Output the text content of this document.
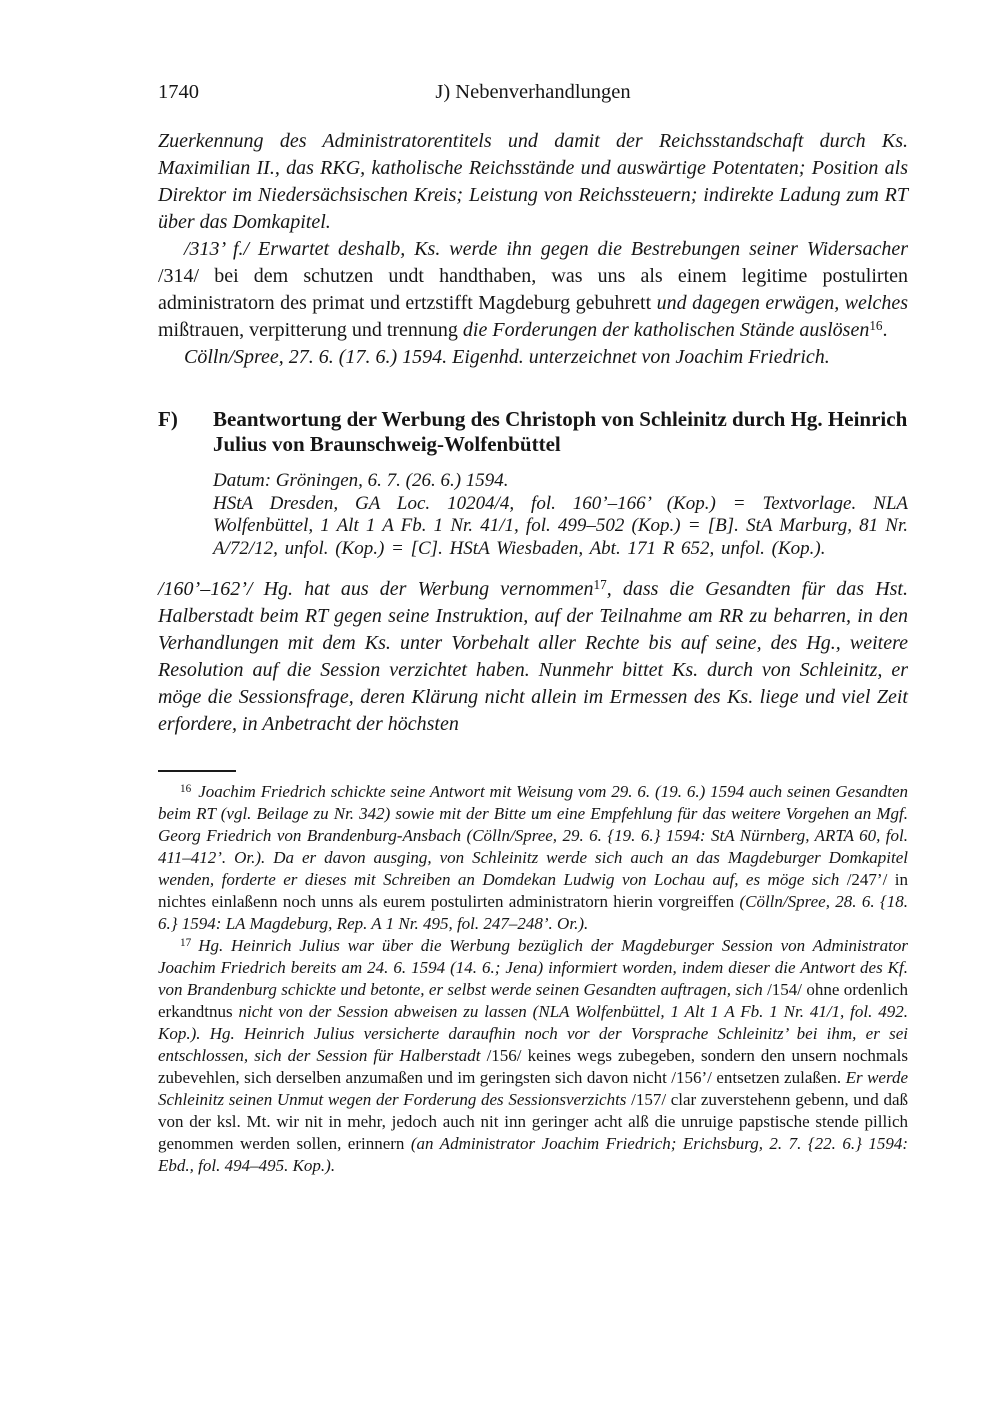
1740	J) Nebenverhandlungen

Zuerkennung des Administratorentitels und damit der Reichsstandschaft durch Ks. Maximilian II., das RKG, katholische Reichsstände und auswärtige Potentaten; Position als Direktor im Niedersächsischen Kreis; Leistung von Reichssteuern; indirekte Ladung zum RT über das Domkapitel.

/313’ f./ Erwartet deshalb, Ks. werde ihn gegen die Bestrebungen seiner Widersacher /314/ bei dem schutzen undt handthaben, was uns als einem legitime postulirten administratorn des primat und ertzstifft Magdeburg gebuhrett und dagegen erwägen, welches mißtrauen, verpitterung und trennung die Forderungen der katholischen Stände auslösen$^{16}$.

Cölln/Spree, 27. 6. (17. 6.) 1594. Eigenhd. unterzeichnet von Joachim Friedrich.

F)	Beantwortung der Werbung des Christoph von Schleinitz durch Hg. Heinrich Julius von Braunschweig-Wolfenbüttel

Datum: Gröningen, 6. 7. (26. 6.) 1594.

HStA Dresden, GA Loc. 10204/4, fol. 160’–166’ (Kop.) = Textvorlage. NLA Wolfenbüttel, 1 Alt 1 A Fb. 1 Nr. 41/1, fol. 499–502 (Kop.) = [B]. StA Marburg, 81 Nr. A/72/12, unfol. (Kop.) = [C]. HStA Wiesbaden, Abt. 171 R 652, unfol. (Kop.).

/160’–162’/ Hg. hat aus der Werbung vernommen$^{17}$, dass die Gesandten für das Hst. Halberstadt beim RT gegen seine Instruktion, auf der Teilnahme am RR zu beharren, in den Verhandlungen mit dem Ks. unter Vorbehalt aller Rechte bis auf seine, des Hg., weitere Resolution auf die Session verzichtet haben. Nunmehr bittet Ks. durch von Schleinitz, er möge die Sessionsfrage, deren Klärung nicht allein im Ermessen des Ks. liege und viel Zeit erfordere, in Anbetracht der höchsten

$^{16}$ Joachim Friedrich schickte seine Antwort mit Weisung vom 29. 6. (19. 6.) 1594 auch seinen Gesandten beim RT (vgl. Beilage zu Nr. 342) sowie mit der Bitte um eine Empfehlung für das weitere Vorgehen an Mgf. Georg Friedrich von Brandenburg-Ansbach (Cölln/Spree, 29. 6. {19. 6.} 1594: StA Nürnberg, ARTA 60, fol. 411–412’. Or.). Da er davon ausging, von Schleinitz werde sich auch an das Magdeburger Domkapitel wenden, forderte er dieses mit Schreiben an Domdekan Ludwig von Lochau auf, es möge sich /247’/ in nichtes einlaßenn noch unns als eurem postulirten administratorn hierin vorgreiffen (Cölln/Spree, 28. 6. {18. 6.} 1594: LA Magdeburg, Rep. A 1 Nr. 495, fol. 247–248’. Or.).

$^{17}$ Hg. Heinrich Julius war über die Werbung bezüglich der Magdeburger Session von Administrator Joachim Friedrich bereits am 24. 6. 1594 (14. 6.; Jena) informiert worden, indem dieser die Antwort des Kf. von Brandenburg schickte und betonte, er selbst werde seinen Gesandten auftragen, sich /154/ ohne ordenlich erkandtnus nicht von der Session abweisen zu lassen (NLA Wolfenbüttel, 1 Alt 1 A Fb. 1 Nr. 41/1, fol. 492. Kop.). Hg. Heinrich Julius versicherte daraufhin noch vor der Vorsprache Schleinitz’ bei ihm, er sei entschlossen, sich der Session für Halberstadt /156/ keines wegs zubegeben, sondern den unsern nochmals zubevehlen, sich derselben anzumaßen und im geringsten sich davon nicht /156’/ entsetzen zulaßen. Er werde Schleinitz seinen Unmut wegen der Forderung des Sessionsverzichts /157/ clar zuverstehenn gebenn, und daß von der ksl. Mt. wir nit in mehr, jedoch auch nit inn geringer acht alß die unruige papstische stende pillich genommen werden sollen, erinnern (an Administrator Joachim Friedrich; Erichsburg, 2. 7. {22. 6.} 1594: Ebd., fol. 494–495. Kop.).
